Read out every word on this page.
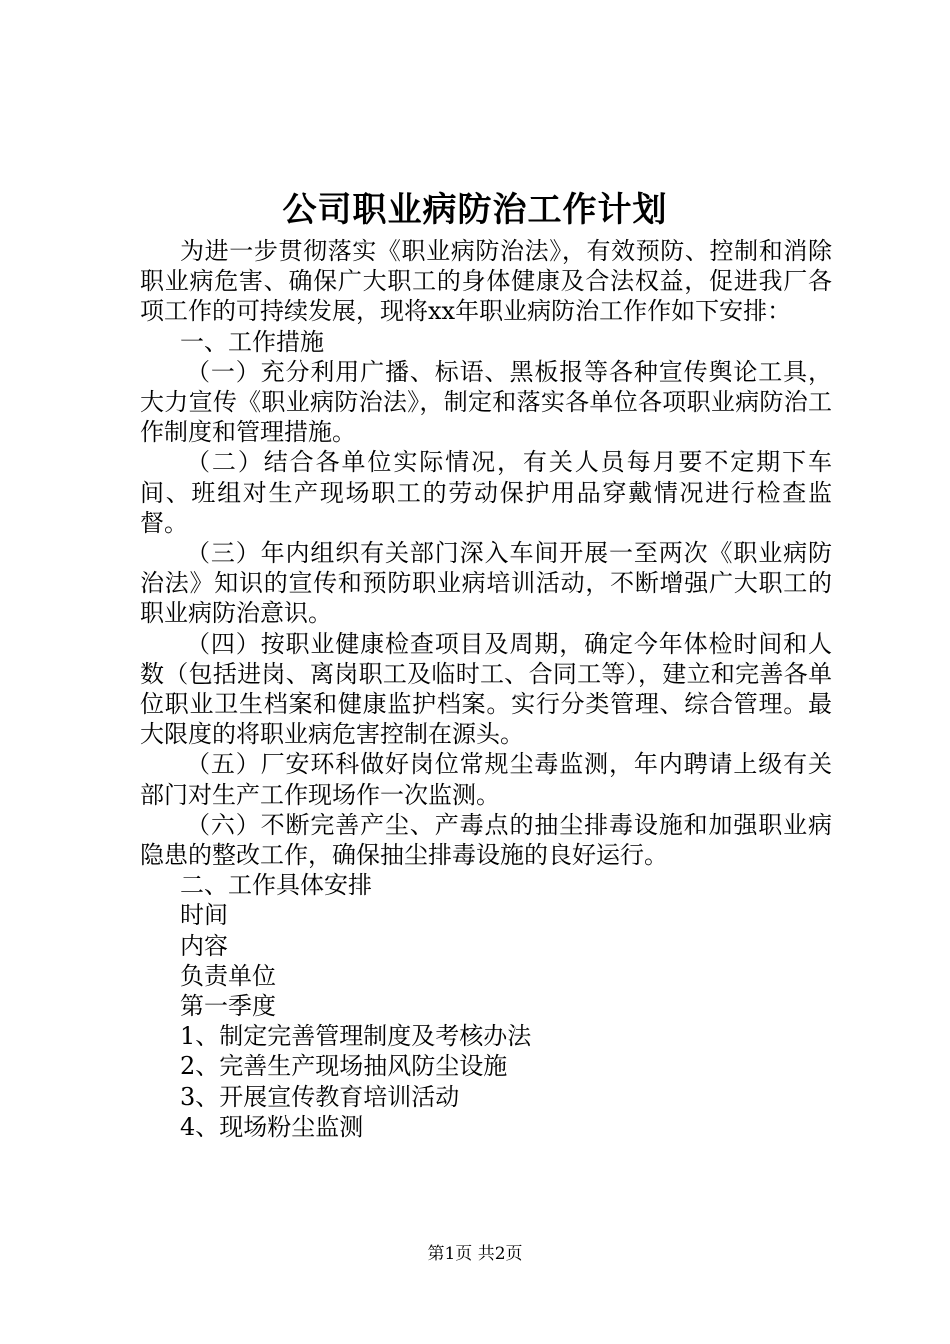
公司职业病防治工作计划

为进一步贯彻落实《职业病防治法》，有效预防、控制和消除职业病危害、确保广大职工的身体健康及合法权益，促进我厂各项工作的可持续发展，现将xx年职业病防治工作作如下安排：

一、工作措施

（一）充分利用广播、标语、黑板报等各种宣传舆论工具，大力宣传《职业病防治法》，制定和落实各单位各项职业病防治工作制度和管理措施。

（二）结合各单位实际情况，有关人员每月要不定期下车间、班组对生产现场职工的劳动保护用品穿戴情况进行检查监督。

（三）年内组织有关部门深入车间开展一至两次《职业病防治法》知识的宣传和预防职业病培训活动，不断增强广大职工的职业病防治意识。

（四）按职业健康检查项目及周期，确定今年体检时间和人数（包括进岗、离岗职工及临时工、合同工等），建立和完善各单位职业卫生档案和健康监护档案。实行分类管理、综合管理。最大限度的将职业病危害控制在源头。

（五）厂安环科做好岗位常规尘毒监测，年内聘请上级有关部门对生产工作现场作一次监测。

（六）不断完善产尘、产毒点的抽尘排毒设施和加强职业病隐患的整改工作，确保抽尘排毒设施的良好运行。

二、工作具体安排

时间

内容

负责单位

第一季度

1、制定完善管理制度及考核办法

2、完善生产现场抽风防尘设施

3、开展宣传教育培训活动

4、现场粉尘监测

第1页 共2页
